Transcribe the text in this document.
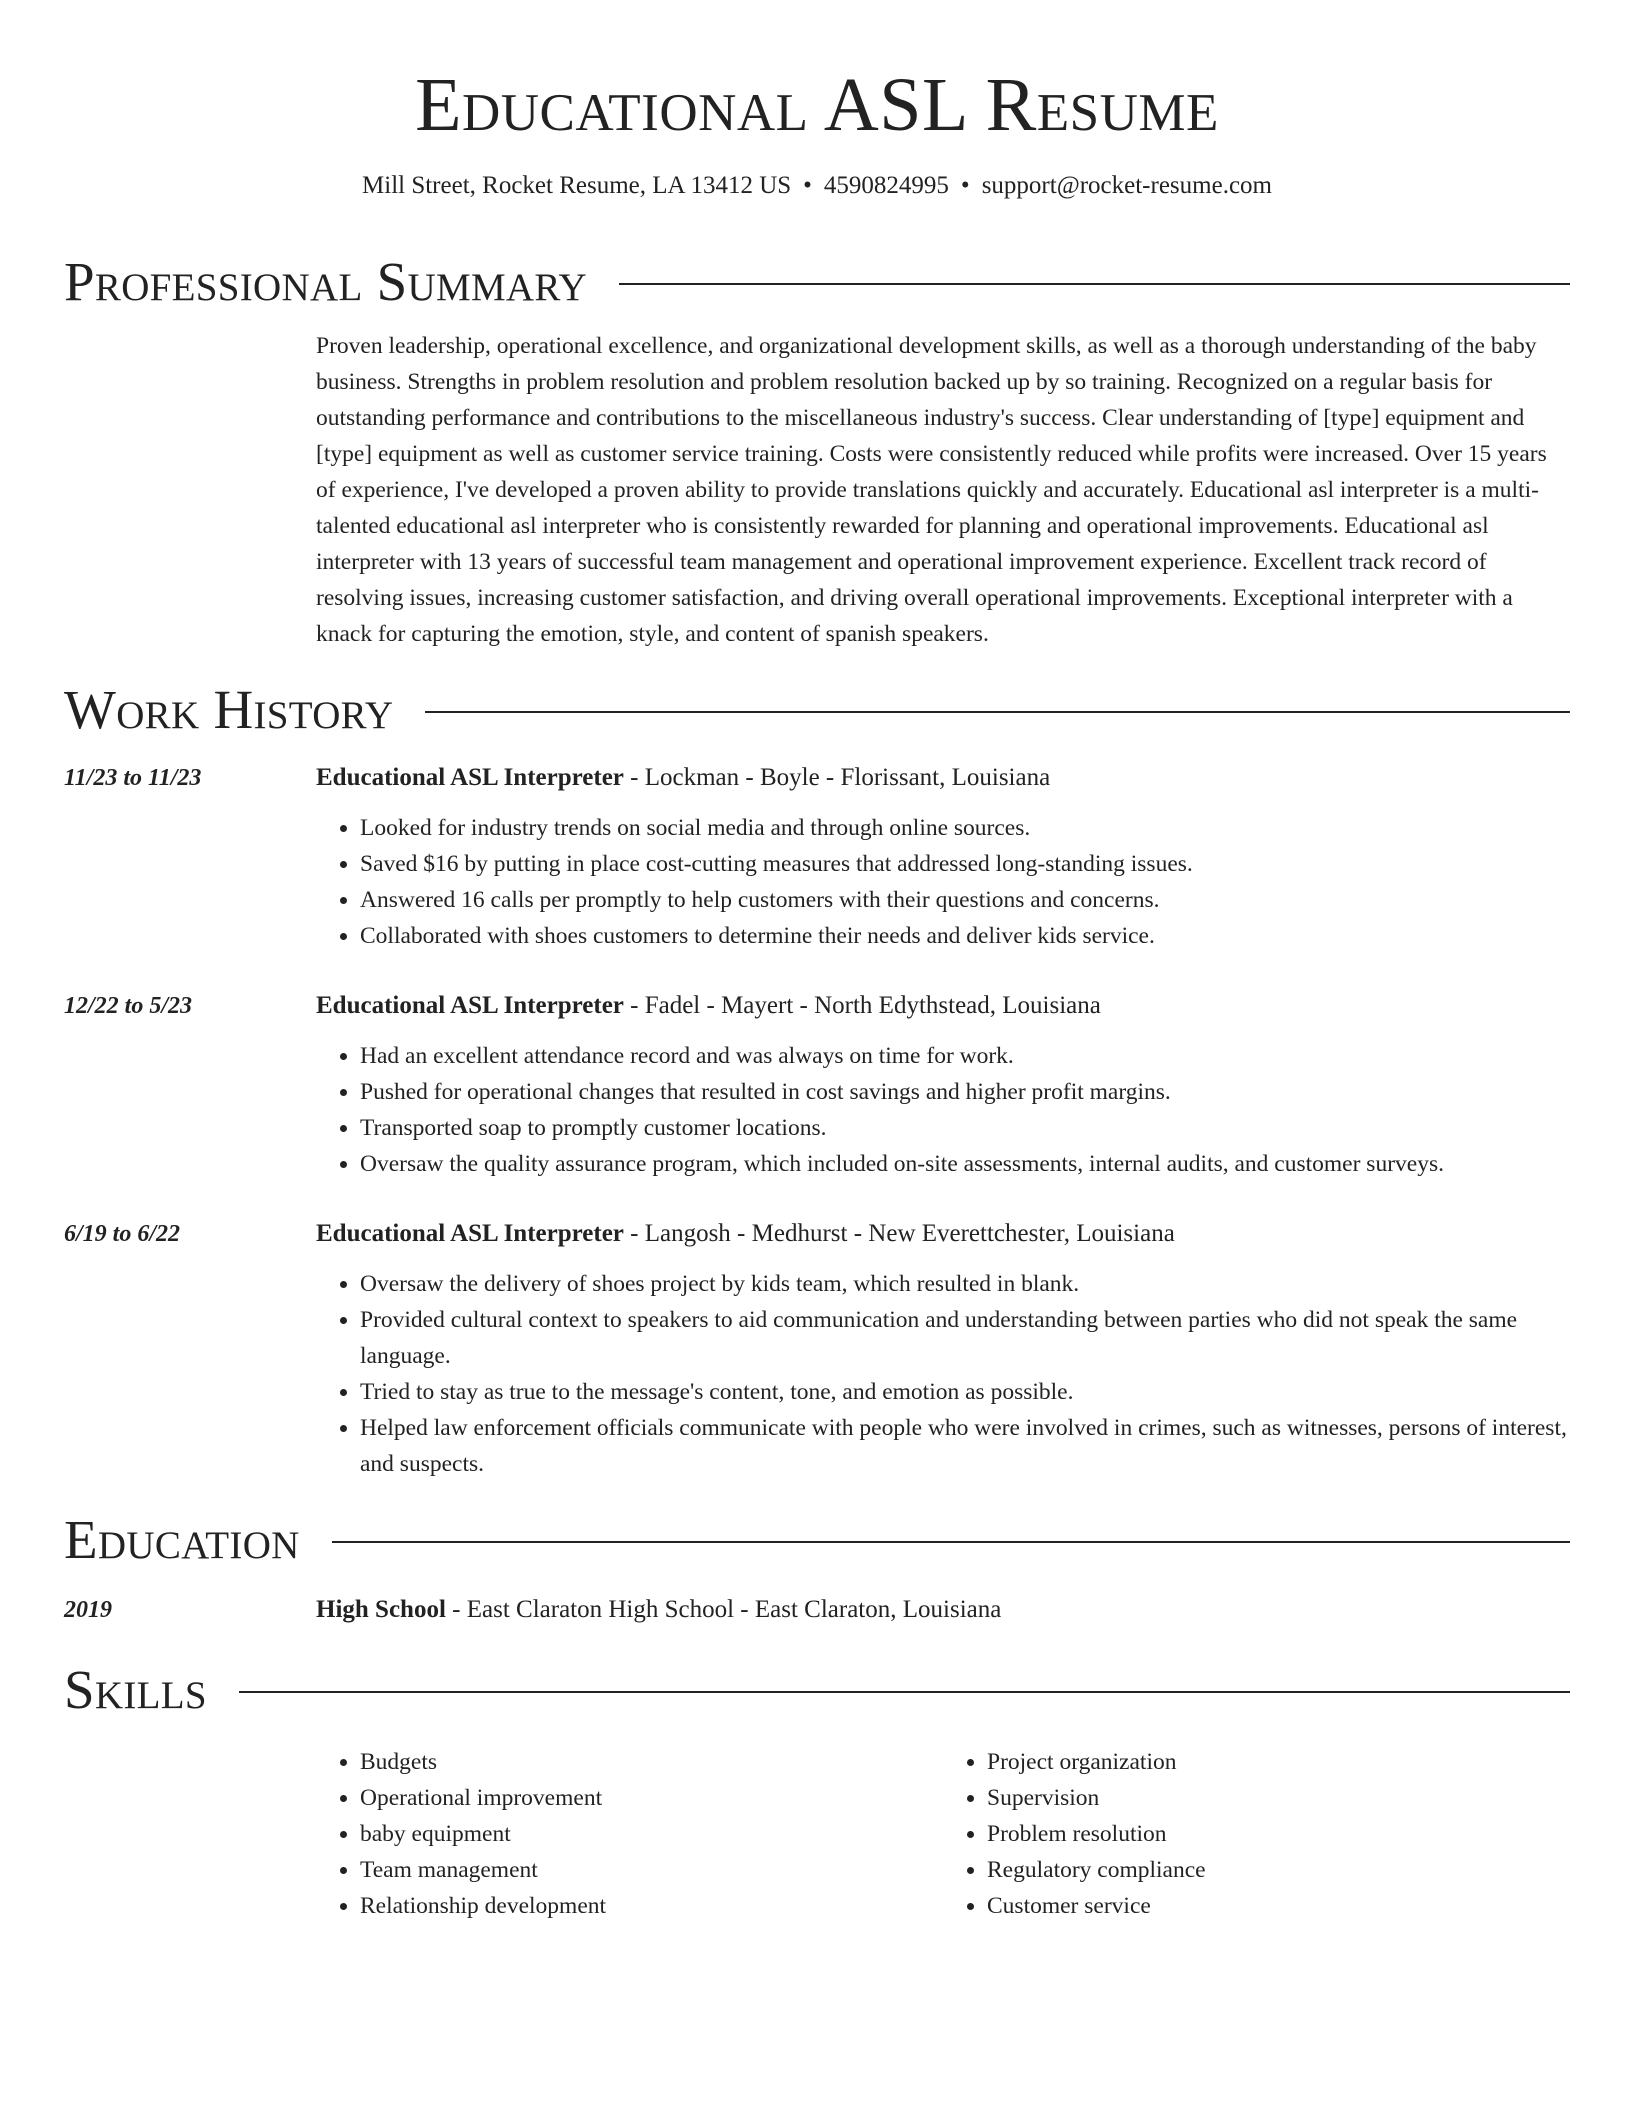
Educational ASL Resume
Mill Street, Rocket Resume, LA 13412 US • 4590824995 • support@rocket-resume.com
Professional Summary

Proven leadership, operational excellence, and organizational development skills, as well as a thorough understanding of the baby business. Strengths in problem resolution and problem resolution backed up by so training. Recognized on a regular basis for outstanding performance and contributions to the miscellaneous industry's success. Clear understanding of [type] equipment and [type] equipment as well as customer service training. Costs were consistently reduced while profits were increased. Over 15 years of experience, I've developed a proven ability to provide translations quickly and accurately. Educational asl interpreter is a multi-talented educational asl interpreter who is consistently rewarded for planning and operational improvements. Educational asl interpreter with 13 years of successful team management and operational improvement experience. Excellent track record of resolving issues, increasing customer satisfaction, and driving overall operational improvements. Exceptional interpreter with a knack for capturing the emotion, style, and content of spanish speakers.

Work History
11/23 to 11/23	Educational ASL Interpreter - Lockman - Boyle - Florissant, Louisiana
• Looked for industry trends on social media and through online sources.
• Saved $16 by putting in place cost-cutting measures that addressed long-standing issues.
• Answered 16 calls per promptly to help customers with their questions and concerns.
• Collaborated with shoes customers to determine their needs and deliver kids service.
12/22 to 5/23	Educational ASL Interpreter - Fadel - Mayert - North Edythstead, Louisiana
• Had an excellent attendance record and was always on time for work.
• Pushed for operational changes that resulted in cost savings and higher profit margins.
• Transported soap to promptly customer locations.
• Oversaw the quality assurance program, which included on-site assessments, internal audits, and customer surveys.
6/19 to 6/22	Educational ASL Interpreter - Langosh - Medhurst - New Everettchester, Louisiana
• Oversaw the delivery of shoes project by kids team, which resulted in blank.
• Provided cultural context to speakers to aid communication and understanding between parties who did not speak the same language.
• Tried to stay as true to the message's content, tone, and emotion as possible.
• Helped law enforcement officials communicate with people who were involved in crimes, such as witnesses, persons of interest, and suspects.
Education
2019	High School - East Claraton High School - East Claraton, Louisiana
Skills
• Budgets
• Operational improvement
• baby equipment
• Team management
• Relationship development
• Project organization
• Supervision
• Problem resolution
• Regulatory compliance
• Customer service
